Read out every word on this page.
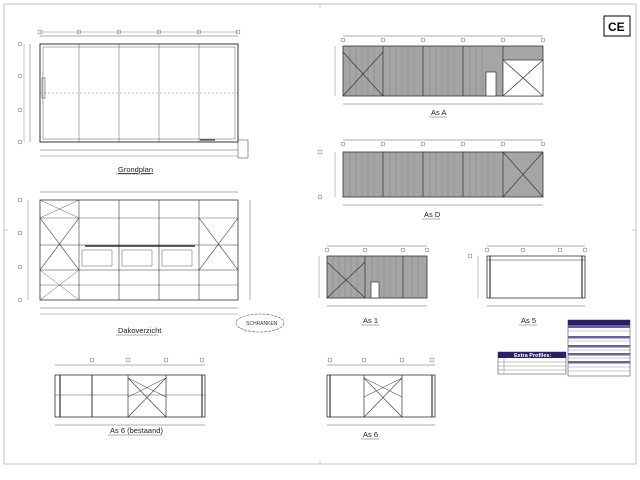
CE
Grondplan
Dakoverzicht
SCHRANKEN
As A
As D
As 1	As 5
As 6 (bestaand)	As 6
Extra Profiles:
